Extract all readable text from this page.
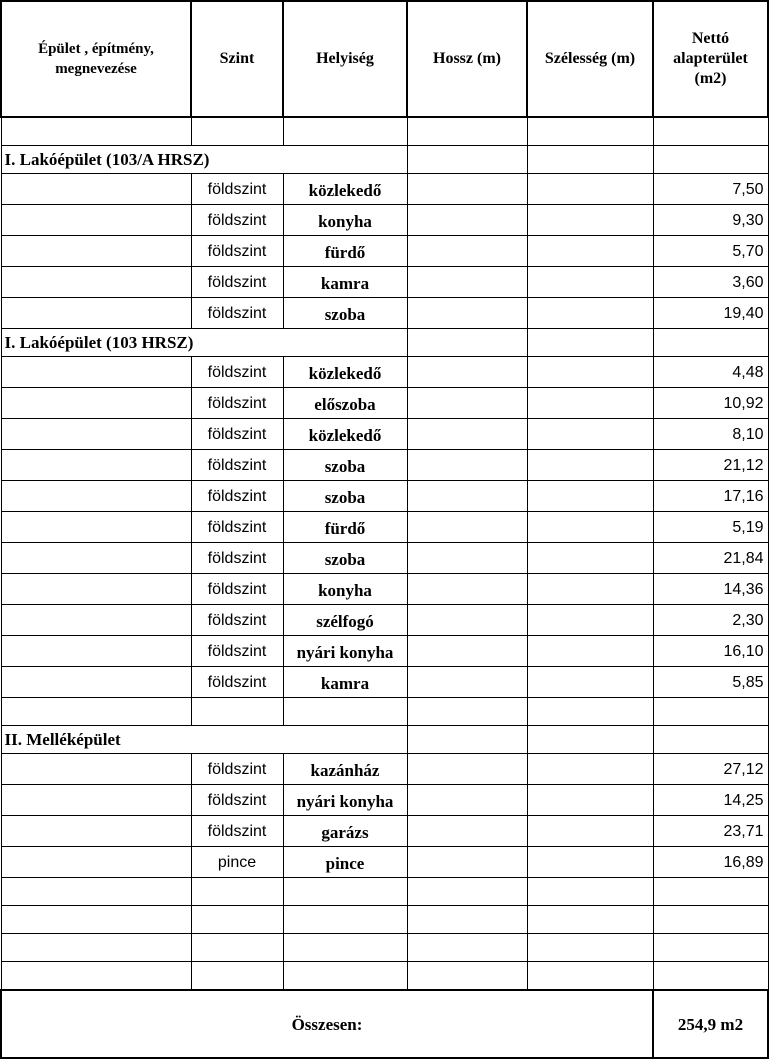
Épület , építmény, megnevezése	Szint	Helyiség	Hossz (m)	Szélesség (m)	Nettó alapterület (m2)

I. Lakóépület (103/A HRSZ)					
	földszint	közlekedő			7,50
	földszint	konyha			9,30
	földszint	fürdő			5,70
	földszint	kamra			3,60
	földszint	szoba			19,40
I. Lakóépület (103 HRSZ)					
	földszint	közlekedő			4,48
	földszint	előszoba			10,92
	földszint	közlekedő			8,10
	földszint	szoba			21,12
	földszint	szoba			17,16
	földszint	fürdő			5,19
	földszint	szoba			21,84
	földszint	konyha			14,36
	földszint	szélfogó			2,30
	földszint	nyári konyha			16,10
	földszint	kamra			5,85

II. Melléképület					
	földszint	kazánház			27,12
	földszint	nyári konyha			14,25
	földszint	garázs			23,71
	pince	pince			16,89

Összesen:					254,9 m2
